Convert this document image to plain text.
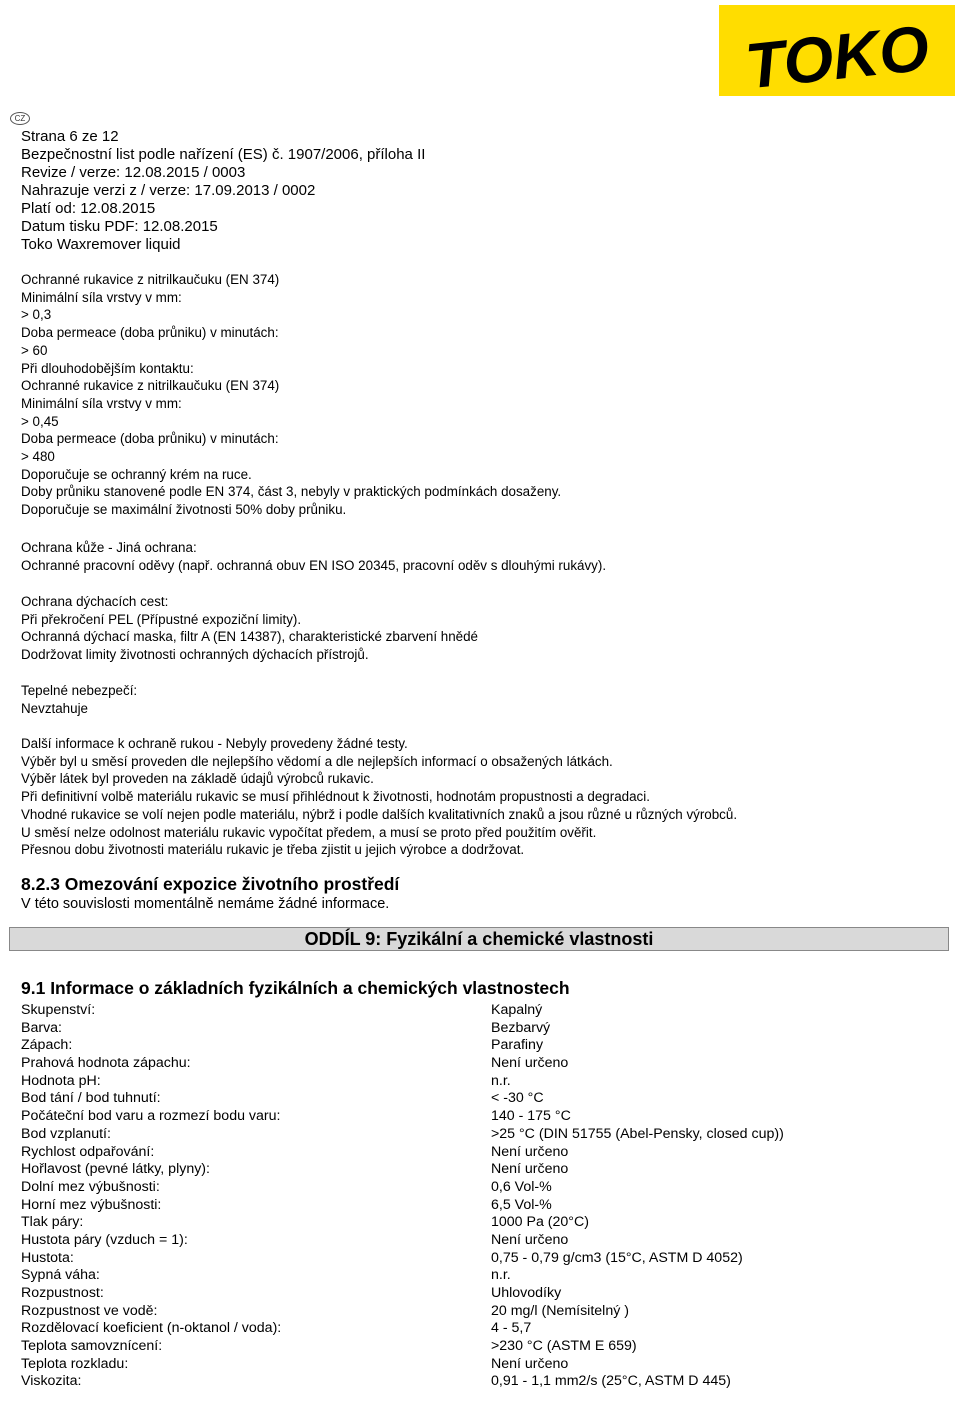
TOKO
CZ
Strana 6 ze 12
Bezpečnostní list podle nařízení (ES) č. 1907/2006, příloha II
Revize / verze: 12.08.2015 / 0003
Nahrazuje verzi z / verze: 17.09.2013 / 0002
Platí od: 12.08.2015
Datum tisku PDF: 12.08.2015
Toko Waxremover liquid
Ochranné rukavice z nitrilkaučuku (EN 374)
Minimální síla vrstvy v mm:
> 0,3
Doba permeace (doba průniku) v minutách:
> 60
Při dlouhodobějším kontaktu:
Ochranné rukavice z nitrilkaučuku (EN 374)
Minimální síla vrstvy v mm:
> 0,45
Doba permeace (doba průniku) v minutách:
> 480
Doporučuje se ochranný krém na ruce.
Doby průniku stanovené podle EN 374, část 3, nebyly v praktických podmínkách dosaženy.
Doporučuje se maximální životnosti 50% doby průniku.
Ochrana kůže - Jiná ochrana:
Ochranné pracovní oděvy (např. ochranná obuv EN ISO 20345, pracovní oděv s dlouhými rukávy).
Ochrana dýchacích cest:
Při překročení PEL (Přípustné expoziční limity).
Ochranná dýchací maska, filtr A (EN 14387), charakteristické zbarvení hnědé
Dodržovat limity životnosti ochranných dýchacích přístrojů.
Tepelné nebezpečí:
Nevztahuje
Další informace k ochraně rukou - Nebyly provedeny žádné testy.
Výběr byl u směsí proveden dle nejlepšího vědomí a dle nejlepších informací o obsažených látkách.
Výběr látek byl proveden na základě údajů výrobců rukavic.
Při definitivní volbě materiálu rukavic se musí přihlédnout k životnosti, hodnotám propustnosti a degradaci.
Vhodné rukavice se volí nejen podle materiálu, nýbrž i podle dalších kvalitativních znaků a jsou různé u různých výrobců.
U směsí nelze odolnost materiálu rukavic vypočítat předem, a musí se proto před použitím ověřit.
Přesnou dobu životnosti materiálu rukavic je třeba zjistit u jejich výrobce a dodržovat.
8.2.3 Omezování expozice životního prostředí
V této souvislosti momentálně nemáme žádné informace.
ODDÍL 9: Fyzikální a chemické vlastnosti
9.1 Informace o základních fyzikálních a chemických vlastnostech
Skupenství:	Kapalný
Barva:	Bezbarvý
Zápach:	Parafiny
Prahová hodnota zápachu:	Není určeno
Hodnota pH:	n.r.
Bod tání / bod tuhnutí:	< -30 °C
Počáteční bod varu a rozmezí bodu varu:	140 - 175 °C
Bod vzplanutí:	>25 °C (DIN 51755 (Abel-Pensky, closed cup))
Rychlost odpařování:	Není určeno
Hořlavost (pevné látky, plyny):	Není určeno
Dolní mez výbušnosti:	0,6 Vol-%
Horní mez výbušnosti:	6,5 Vol-%
Tlak páry:	1000 Pa (20°C)
Hustota páry (vzduch = 1):	Není určeno
Hustota:	0,75 - 0,79 g/cm3 (15°C, ASTM D 4052)
Sypná váha:	n.r.
Rozpustnost:	Uhlovodíky
Rozpustnost ve vodě:	20 mg/l (Nemísitelný )
Rozdělovací koeficient (n-oktanol / voda):	4 - 5,7
Teplota samovznícení:	>230 °C (ASTM E 659)
Teplota rozkladu:	Není určeno
Viskozita:	0,91 - 1,1 mm2/s (25°C, ASTM D 445)
